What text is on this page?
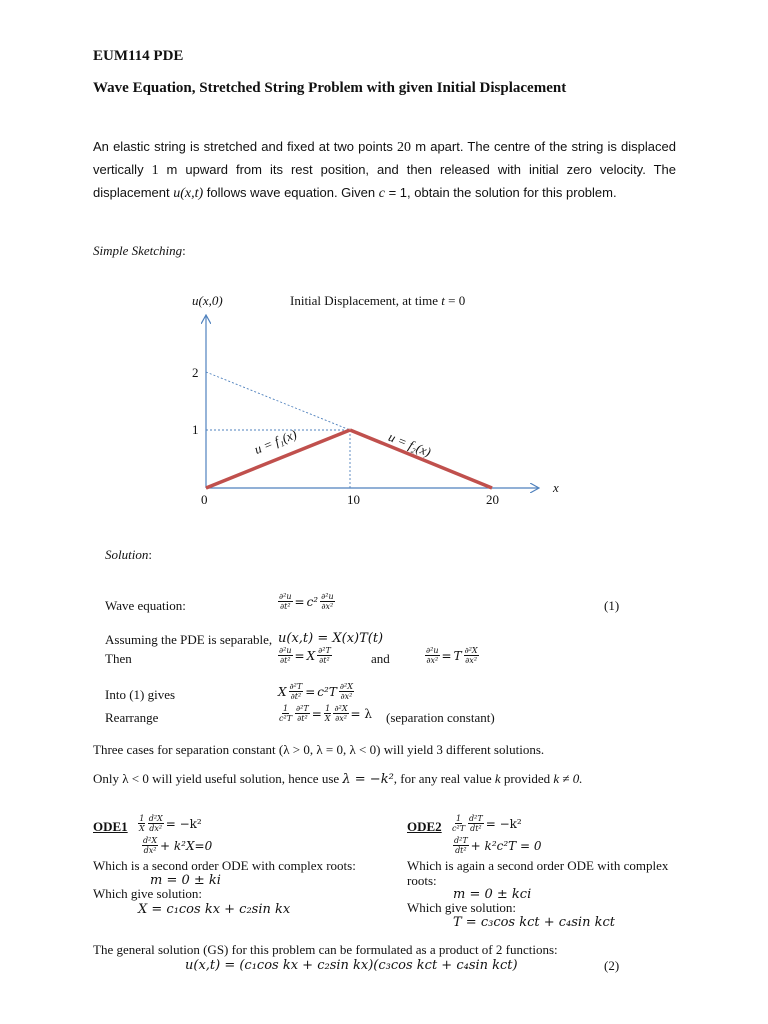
EUM114 PDE
Wave Equation, Stretched String Problem with given Initial Displacement
An elastic string is stretched and fixed at two points 20 m apart. The centre of the string is displaced vertically 1 m upward from its rest position, and then released with initial zero velocity. The displacement u(x,t) follows wave equation. Given c = 1, obtain the solution for this problem.
Simple Sketching:
u(x,0)	Initial Displacement, at time t = 0
x
2
1
0	10	20
u = f₁(x)	u = f₂(x)
Solution:
Wave equation:	$\frac{\text{∂²u}}{\text{∂t²}} = c^2 \frac{\text{∂²u}}{\text{∂x²}}$	(1)
Assuming the PDE is separable, u(x,t) = X(x)T(t)
Then	$\frac{\text{∂²u}}{\text{∂t²}} = X \frac{\text{∂²T}}{\text{∂t²}}$	and	$\frac{\text{∂²u}}{\text{∂x²}} = T \frac{\text{∂²X}}{\text{∂x²}}$
Into (1) gives	X $\frac{\text{∂²T}}{\text{∂t²}} = c^2T \frac{\text{∂²X}}{\text{∂x²}}$
Rearrange	$\frac{1}{\text{c²T}} \frac{\text{∂²T}}{\text{∂t²}} = \frac{1}{X} \frac{\text{∂²X}}{\text{∂x²}} = \lambda$ (separation constant)
Three cases for separation constant (λ > 0, λ = 0, λ < 0) will yield 3 different solutions.
Only λ < 0 will yield useful solution, hence use λ = −k², for any real value k provided k ≠ 0.
$ODE1 \frac{1}{X} \frac{\text{d²X}}{\text{dx²}} = -k^2$
$\frac{\text{d²X}}{\text{dx²}} + k^2X=0$
Which is a second order ODE with complex roots:
m = 0 ± ki
Which give solution:
X = c₁cos kx + c₂sin kx
$ODE2 \frac{1}{\text{c²T}} \frac{\text{d²T}}{\text{dt²}} = -k^2$
$\frac{\text{d²T}}{\text{dt²}} + k^2c^2T = 0$
Which is again a second order ODE with complex
roots:
m = 0 ± kci
Which give solution:
T = c₃cos kct + c₄sin kct
The general solution (GS) for this problem can be formulated as a product of 2 functions:
u(x,t) = (c₁cos kx + c₂sin kx)(c₃cos kct + c₄sin kct)	(2)
